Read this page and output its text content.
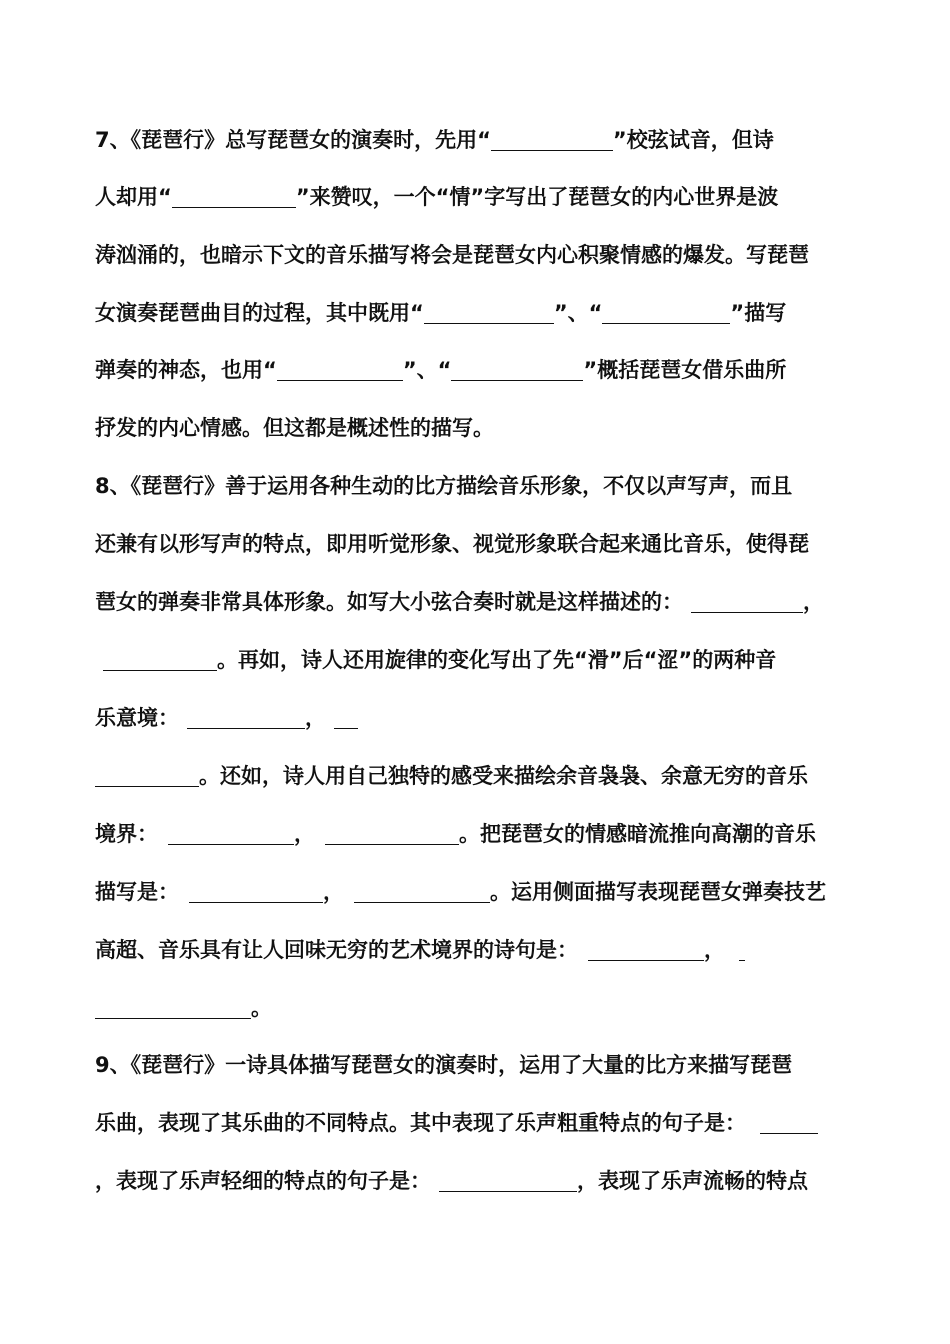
7、《琵琶行》总写琵琶女的演奏时，先用“	”校弦试音，但诗
人却用“	”来赞叹，一个“情”字写出了琵琶女的内心世界是波
涛汹涌的，也暗示下文的音乐描写将会是琵琶女内心积聚情感的爆发。写琵琶
女演奏琵琶曲目的过程，其中既用“	”、“	”描写
弹奏的神态，也用“	”、“	”概括琵琶女借乐曲所
抒发的内心情感。但这都是概述性的描写。
8、《琵琶行》善于运用各种生动的比方描绘音乐形象，不仅以声写声，而且
还兼有以形写声的特点，即用听觉形象、视觉形象联合起来通比音乐，使得琵
琶女的弹奏非常具体形象。如写大小弦合奏时就是这样描述的：	，
。再如，诗人还用旋律的变化写出了先“滑”后“涩”的两种音
乐意境：	，
。还如，诗人用自己独特的感受来描绘余音袅袅、余意无穷的音乐
境界：	，	。把琵琶女的情感暗流推向高潮的音乐
描写是：	，	。运用侧面描写表现琵琶女弹奏技艺
高超、音乐具有让人回味无穷的艺术境界的诗句是：	，
。
9、《琵琶行》一诗具体描写琵琶女的演奏时，运用了大量的比方来描写琵琶
乐曲，表现了其乐曲的不同特点。其中表现了乐声粗重特点的句子是：
，表现了乐声轻细的特点的句子是：	，表现了乐声流畅的特点
